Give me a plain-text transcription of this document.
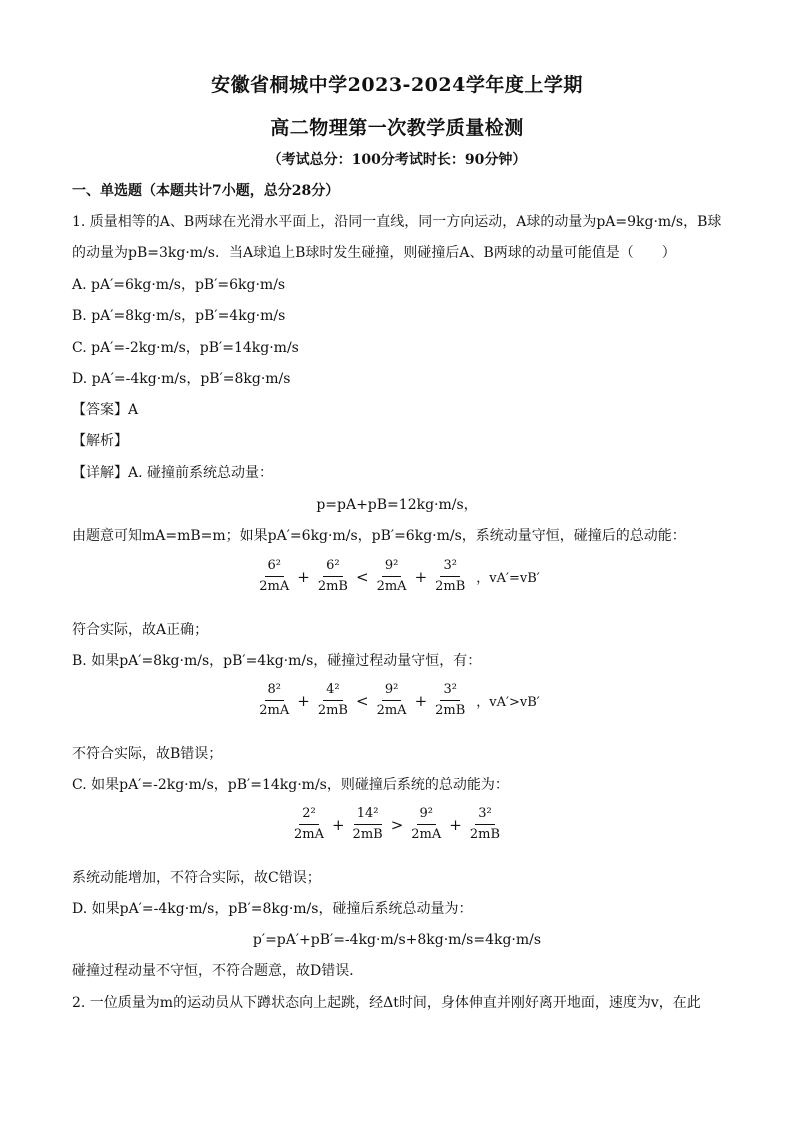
安徽省桐城中学2023-2024学年度上学期
高二物理第一次教学质量检测
（考试总分：100分考试时长：90分钟）
一、单选题（本题共计7小题，总分28分）
1. 质量相等的A、B两球在光滑水平面上，沿同一直线，同一方向运动，A球的动量为pA=9kg·m/s，B球
的动量为pB=3kg·m/s．当A球追上B球时发生碰撞，则碰撞后A、B两球的动量可能值是（　　）
A. pA′=6kg·m/s，pB′=6kg·m/s
B. pA′=8kg·m/s，pB′=4kg·m/s
C. pA′=-2kg·m/s，pB′=14kg·m/s
D. pA′=-4kg·m/s，pB′=8kg·m/s
【答案】A
【解析】
【详解】A. 碰撞前系统总动量：
p=pA+pB=12kg·m/s，
由题意可知mA=mB=m；如果pA′=6kg·m/s，pB′=6kg·m/s，系统动量守恒，碰撞后的总动能：
$\frac{\text{6²}}{2mA} + \frac{\text{6²}}{2mB} < \frac{\text{9²}}{2mA} + \frac{\text{3²}}{2mB}$ ，vA′=vB′
符合实际，故A正确；
B. 如果pA′=8kg·m/s，pB′=4kg·m/s，碰撞过程动量守恒，有：
$\frac{\text{8²}}{2mA} + \frac{\text{4²}}{2mB} < \frac{\text{9²}}{2mA} + \frac{\text{3²}}{2mB}$ ，vA′>vB′
不符合实际，故B错误；
C. 如果pA′=-2kg·m/s，pB′=14kg·m/s，则碰撞后系统的总动能为：
$\frac{\text{2²}}{2mA} + \frac{\text{14²}}{2mB} > \frac{\text{9²}}{2mA} + \frac{\text{3²}}{2mB}$
系统动能增加，不符合实际，故C错误；
D. 如果pA′=-4kg·m/s，pB′=8kg·m/s，碰撞后系统总动量为：
p′=pA′+pB′=-4kg·m/s+8kg·m/s=4kg·m/s
碰撞过程动量不守恒，不符合题意，故D错误．
2. 一位质量为m的运动员从下蹲状态向上起跳，经Δt时间，身体伸直并刚好离开地面，速度为v，在此
